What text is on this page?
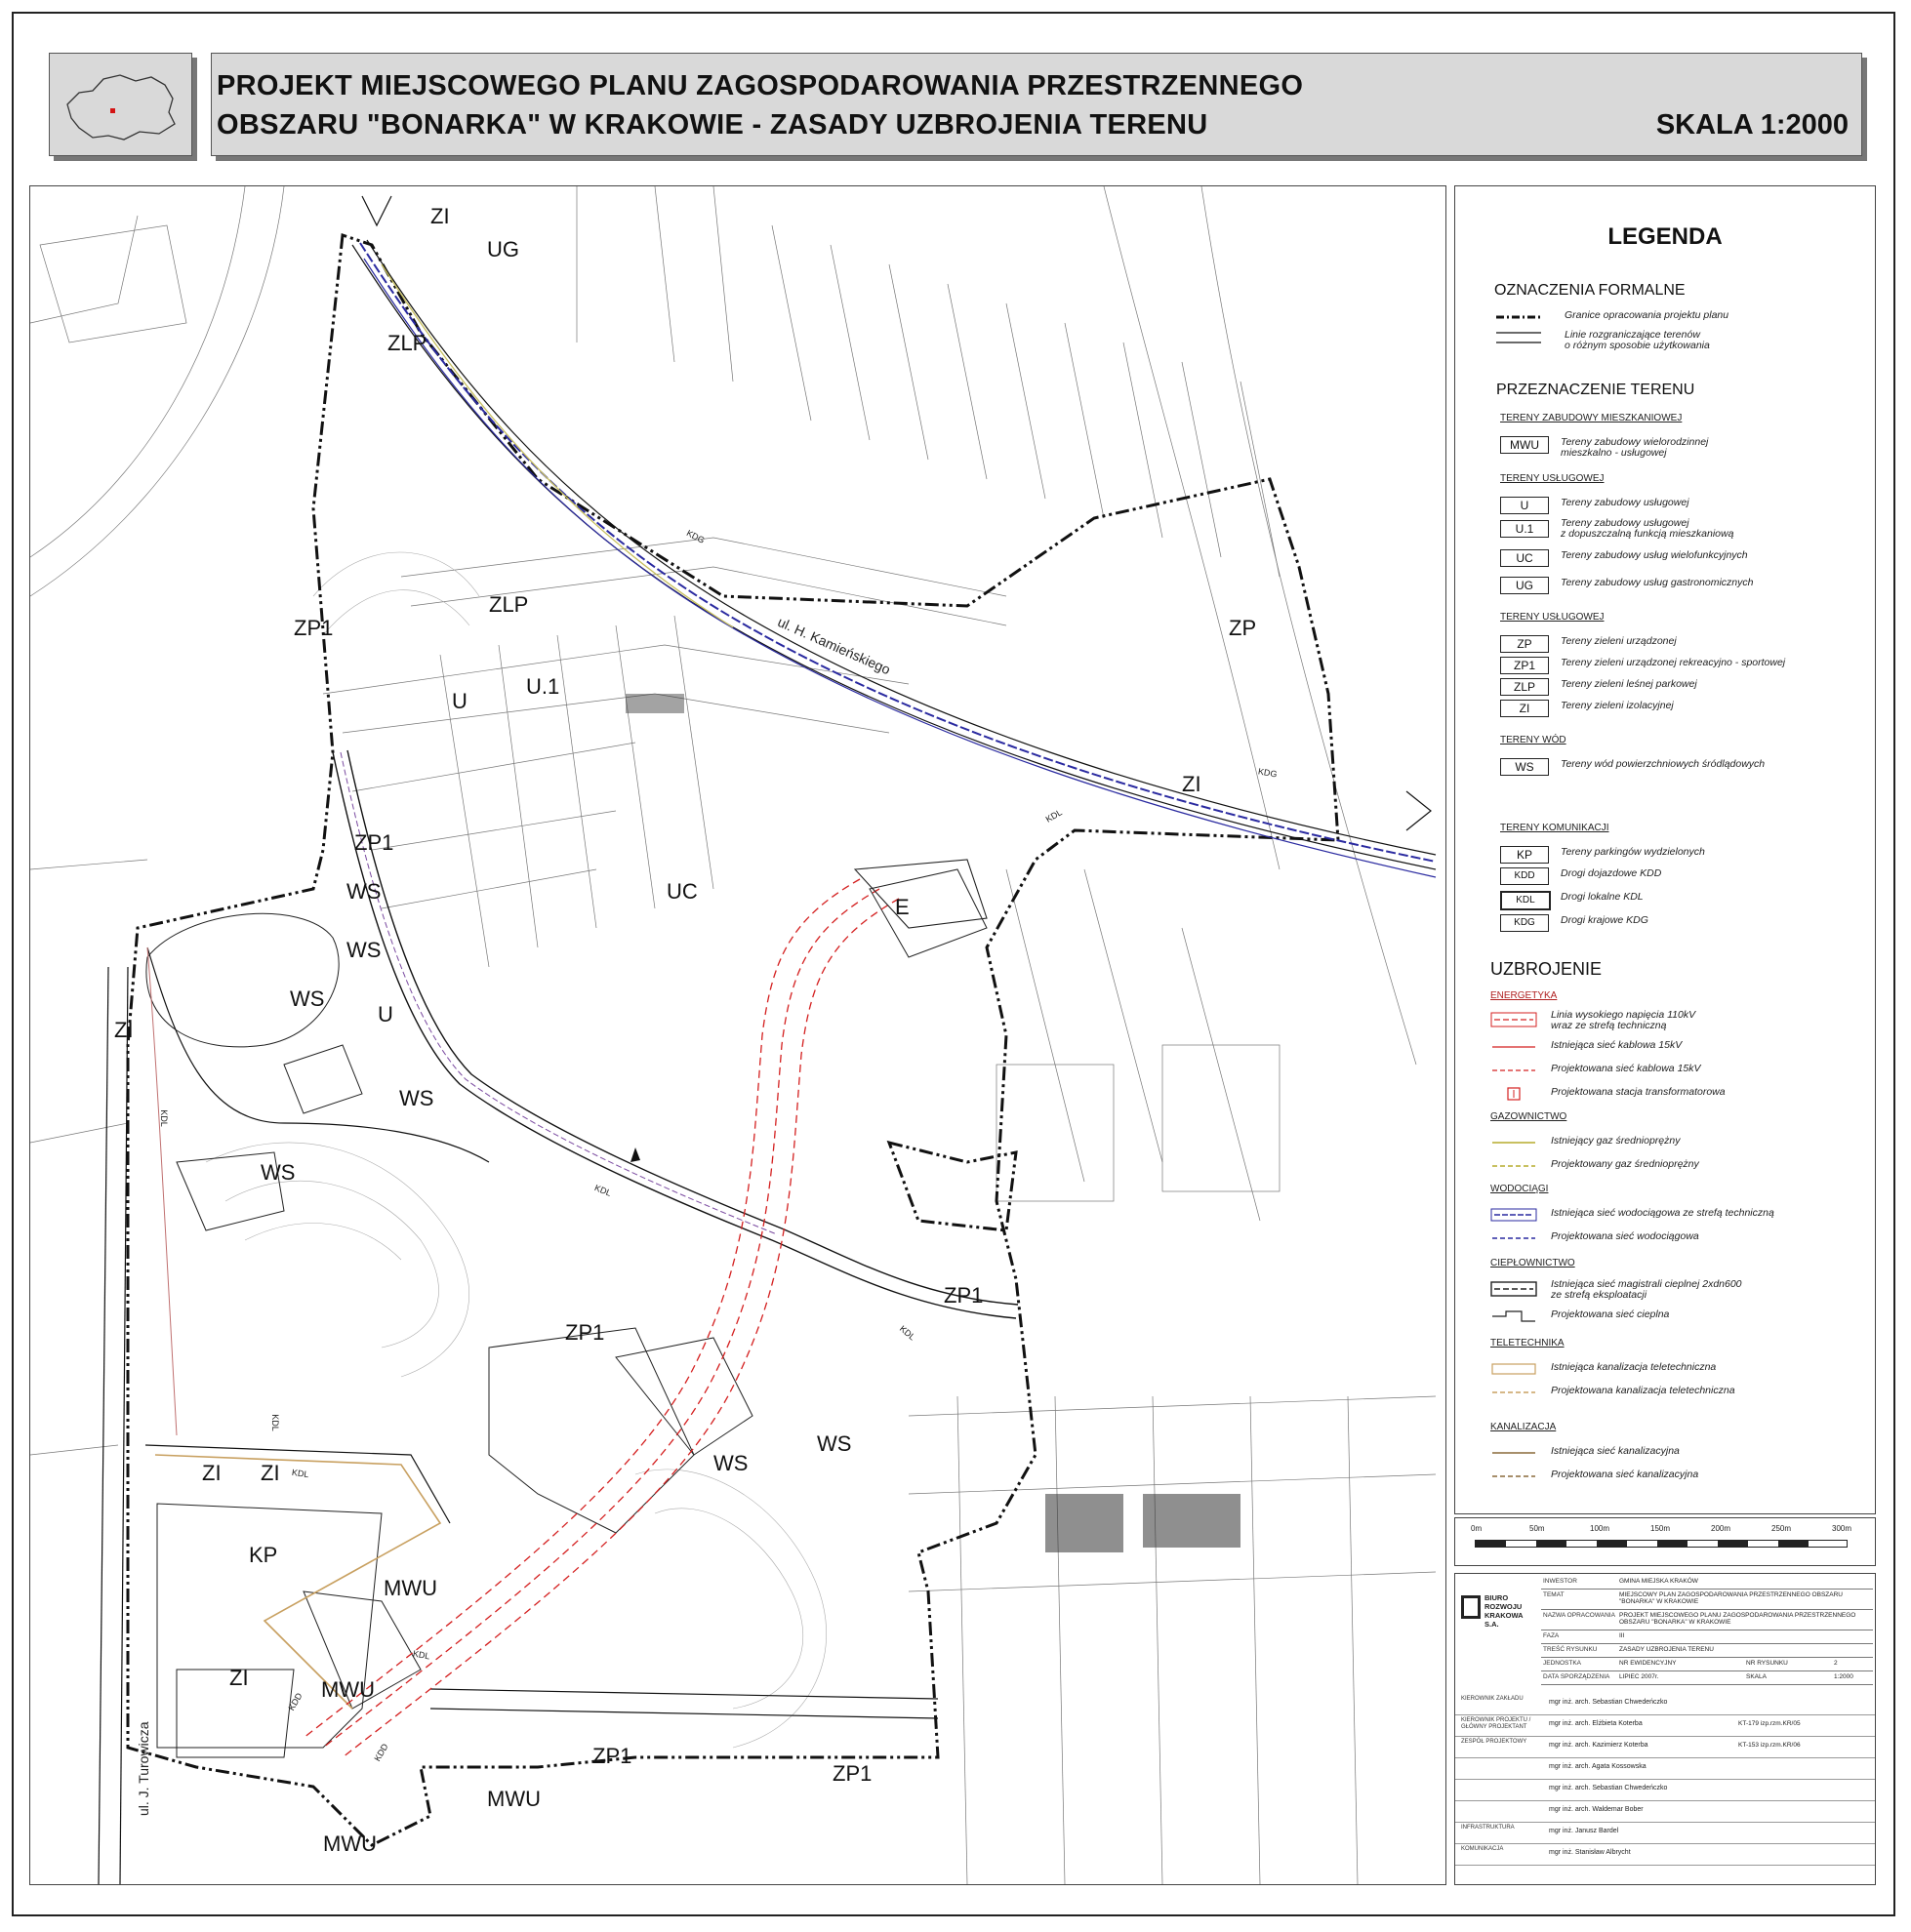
PROJEKT MIEJSCOWEGO PLANU ZAGOSPODAROWANIA PRZESTRZENNEGO
OBSZARU "BONARKA" W KRAKOWIE - ZASADY UZBROJENIA TERENU	SKALA 1:2000
ZI
UG
ZLP
ZLP
ZP1
U
U.1
ZP
ZP1
WS	UC
E
WS
WS
U
ZI
WS
WS
ZP1
ZP1
WS
WS
ZI ZI
KP
MWU
ZI	MWU
ZP1
ZP1
MWU
MWU
ZI
ul. H. Kamieńskiego
ul. J. Turowicza
KDG
KDG
KDL
KDL
KDL
KDL
KDL
KDD
KDD
KDL
KDL
LEGENDA
OZNACZENIA FORMALNE
Granice opracowania projektu planu
Linie rozgraniczające terenów
o różnym sposobie użytkowania
PRZEZNACZENIE TERENU
TERENY ZABUDOWY MIESZKANIOWEJ
MWU	Tereny zabudowy wielorodzinnej
mieszkalno - usługowej
TERENY USŁUGOWEJ
U	Tereny zabudowy usługowej
U.1	Tereny zabudowy usługowej
z dopuszczalną funkcją mieszkaniową
UC	Tereny zabudowy usług wielofunkcyjnych
UG	Tereny zabudowy usług gastronomicznych
TERENY USŁUGOWEJ
ZP	Tereny zieleni urządzonej
ZP1	Tereny zieleni urządzonej rekreacyjno - sportowej
ZLP	Tereny zieleni leśnej parkowej
ZI	Tereny zieleni izolacyjnej
TERENY WÓD
WS	Tereny wód powierzchniowych śródlądowych
TERENY KOMUNIKACJI
KP	Tereny parkingów wydzielonych
KDD	Drogi dojazdowe KDD
KDL	Drogi lokalne KDL
KDG	Drogi krajowe KDG
UZBROJENIE
ENERGETYKA
Linia wysokiego napięcia 110kV
wraz ze strefą techniczną
Istniejąca sieć kablowa 15kV
Projektowana sieć kablowa 15kV
Projektowana stacja transformatorowa
GAZOWNICTWO
Istniejący gaz średnioprężny
Projektowany gaz średnioprężny
WODOCIĄGI
Istniejąca sieć wodociągowa ze strefą techniczną
Projektowana sieć wodociągowa
CIEPŁOWNICTWO
Istniejąca sieć magistrali cieplnej 2xdn600
ze strefą eksploatacji
Projektowana sieć cieplna
TELETECHNIKA
Istniejąca kanalizacja teletechniczna
Projektowana kanalizacja teletechniczna
KANALIZACJA
Istniejąca sieć kanalizacyjna
Projektowana sieć kanalizacyjna
0m	50m	100m	150m	200m	250m	300m
BIURO ROZWOJU KRAKOWA S.A.
INWESTOR	GMINA MIEJSKA KRAKÓW
TEMAT	MIEJSCOWY PLAN ZAGOSPODAROWANIA PRZESTRZENNEGO OBSZARU "BONARKA" W KRAKOWIE
NAZWA OPRACOWANIA PROJEKT MIEJSCOWEGO PLANU ZAGOSPODAROWANIA PRZESTRZENNEGO OBSZARU "BONARKA" W KRAKOWIE
FAZA	III
TREŚĆ RYSUNKU	ZASADY UZBROJENIA TERENU
JEDNOSTKA	NR EWIDENCYJNY	NR RYSUNKU	2
DATA SPORZĄDZENIA LIPIEC 2007r.	SKALA	1:2000
KIEROWNIK ZAKŁADU	mgr inż. arch. Sebastian Chwedeńczko
KIEROWNIK PROJEKTU / GŁÓWNY PROJEKTANT	mgr inż. arch. Elżbieta Koterba	KT-179 izp.rzm.KR/05
ZESPÓŁ PROJEKTOWY	mgr inż. arch. Kazimierz Koterba	KT-153 izp.rzm.KR/06
mgr inż. arch. Agata Kossowska
mgr inż. arch. Sebastian Chwedeńczko
mgr inż. arch. Waldemar Bober
INFRASTRUKTURA	mgr inż. Janusz Bardel
KOMUNIKACJA	mgr inż. Stanisław Albrycht
